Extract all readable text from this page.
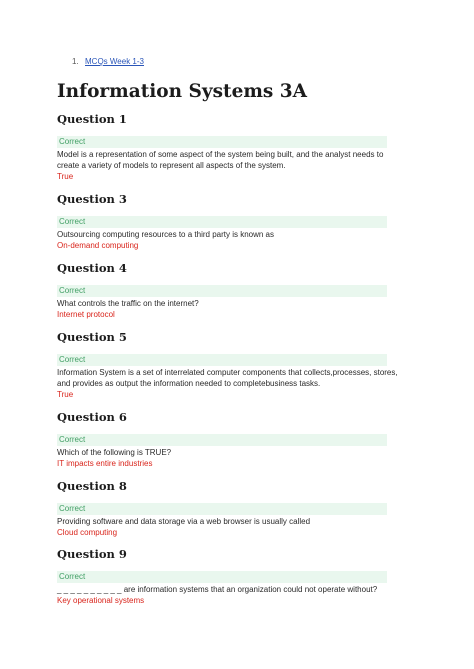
1. MCQs Week 1-3
Information Systems 3A
Question 1
Correct
Model is a representation of some aspect of the system being built, and the analyst needs to create a variety of models to represent all aspects of the system.
True
Question 3
Correct
Outsourcing computing resources to a third party is known as
On-demand computing
Question 4
Correct
What controls the traffic on the internet?
Internet protocol
Question 5
Correct
Information System is a set of interrelated computer components that collects,processes, stores, and provides as output the information needed to completebusiness tasks.
True
Question 6
Correct
Which of the following is TRUE?
IT impacts entire industries
Question 8
Correct
Providing software and data storage via a web browser is usually called
Cloud computing
Question 9
Correct
_ _ _ _ _ _ _ _ _ _ are information systems that an organization could not operate without?
Key operational systems
